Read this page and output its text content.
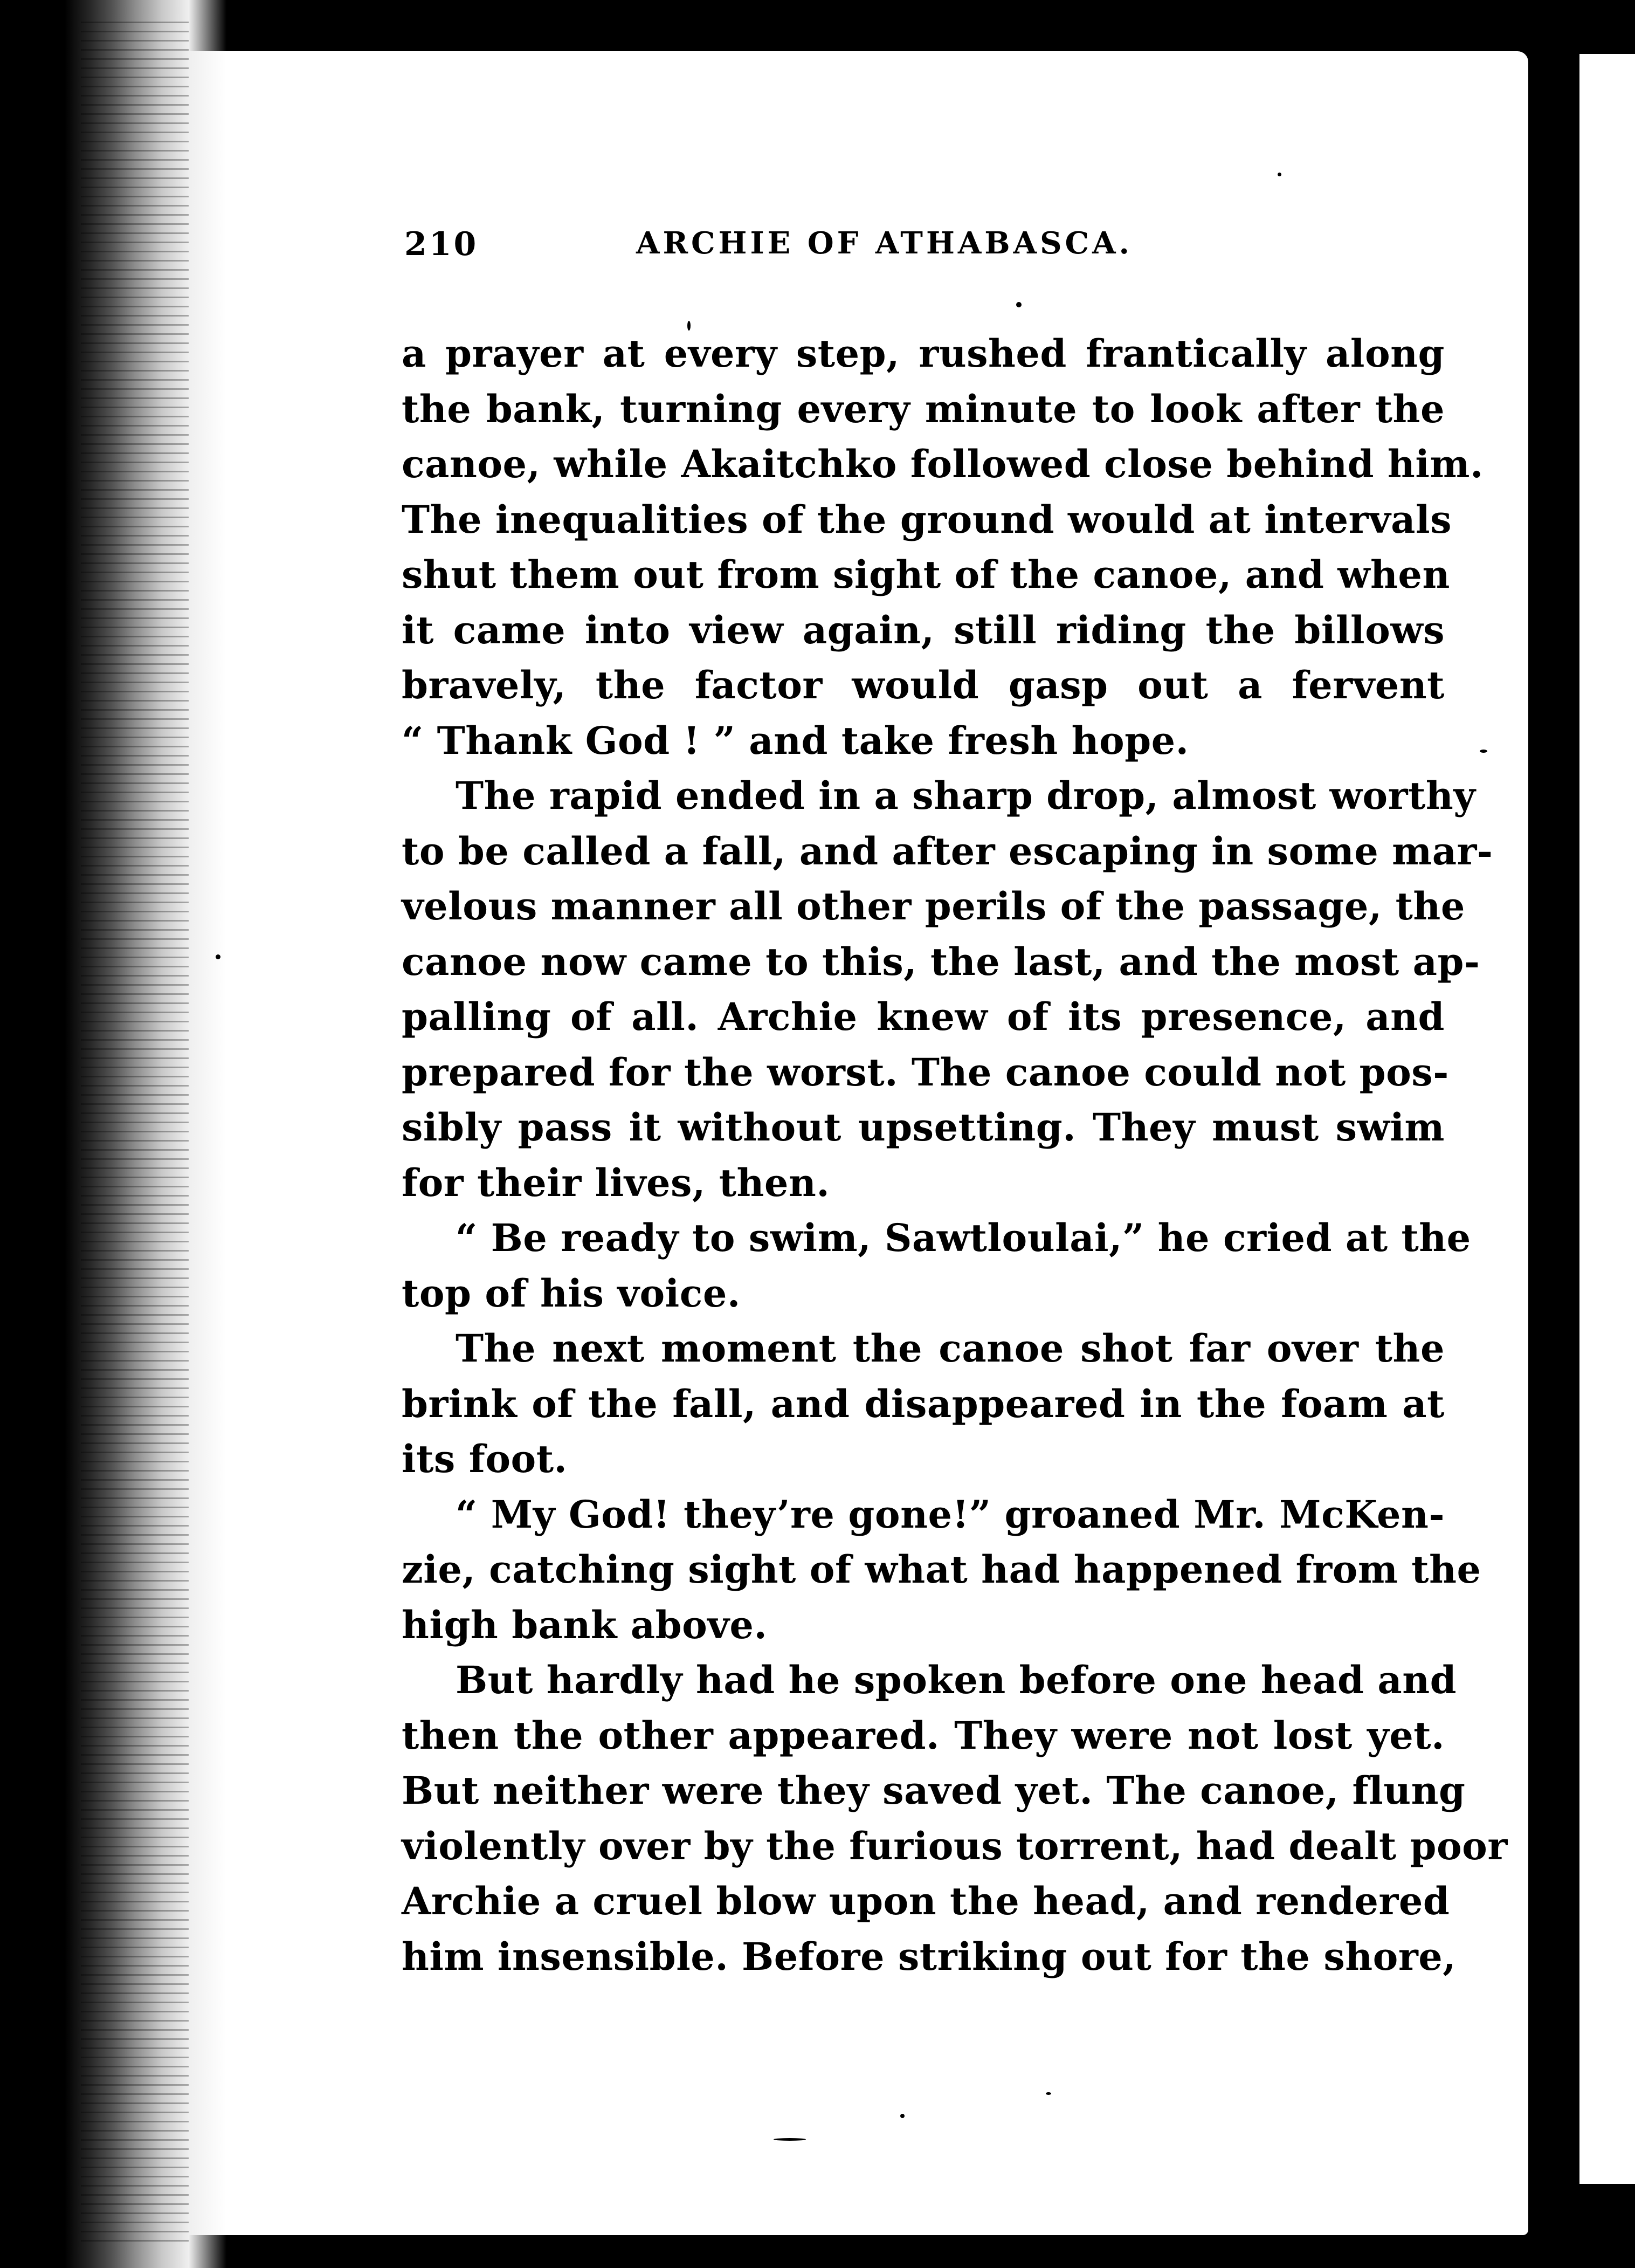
210	ARCHIE OF ATHABASCA.
a prayer at every step, rushed frantically along
the bank, turning every minute to look after the
canoe, while Akaitchko followed close behind him.
The inequalities of the ground would at intervals
shut them out from sight of the canoe, and when
it came into view again, still riding the billows
bravely, the factor would gasp out a fervent
“ Thank God ! ” and take fresh hope.
The rapid ended in a sharp drop, almost worthy
to be called a fall, and after escaping in some mar-
velous manner all other perils of the passage, the
canoe now came to this, the last, and the most ap-
palling of all. Archie knew of its presence, and
prepared for the worst. The canoe could not pos-
sibly pass it without upsetting. They must swim
for their lives, then.
“ Be ready to swim, Sawtloulai,” he cried at the
top of his voice.
The next moment the canoe shot far over the
brink of the fall, and disappeared in the foam at
its foot.
“ My God! they’re gone!” groaned Mr. McKen-
zie, catching sight of what had happened from the
high bank above.
But hardly had he spoken before one head and
then the other appeared. They were not lost yet.
But neither were they saved yet. The canoe, flung
violently over by the furious torrent, had dealt poor
Archie a cruel blow upon the head, and rendered
him insensible. Before striking out for the shore,
